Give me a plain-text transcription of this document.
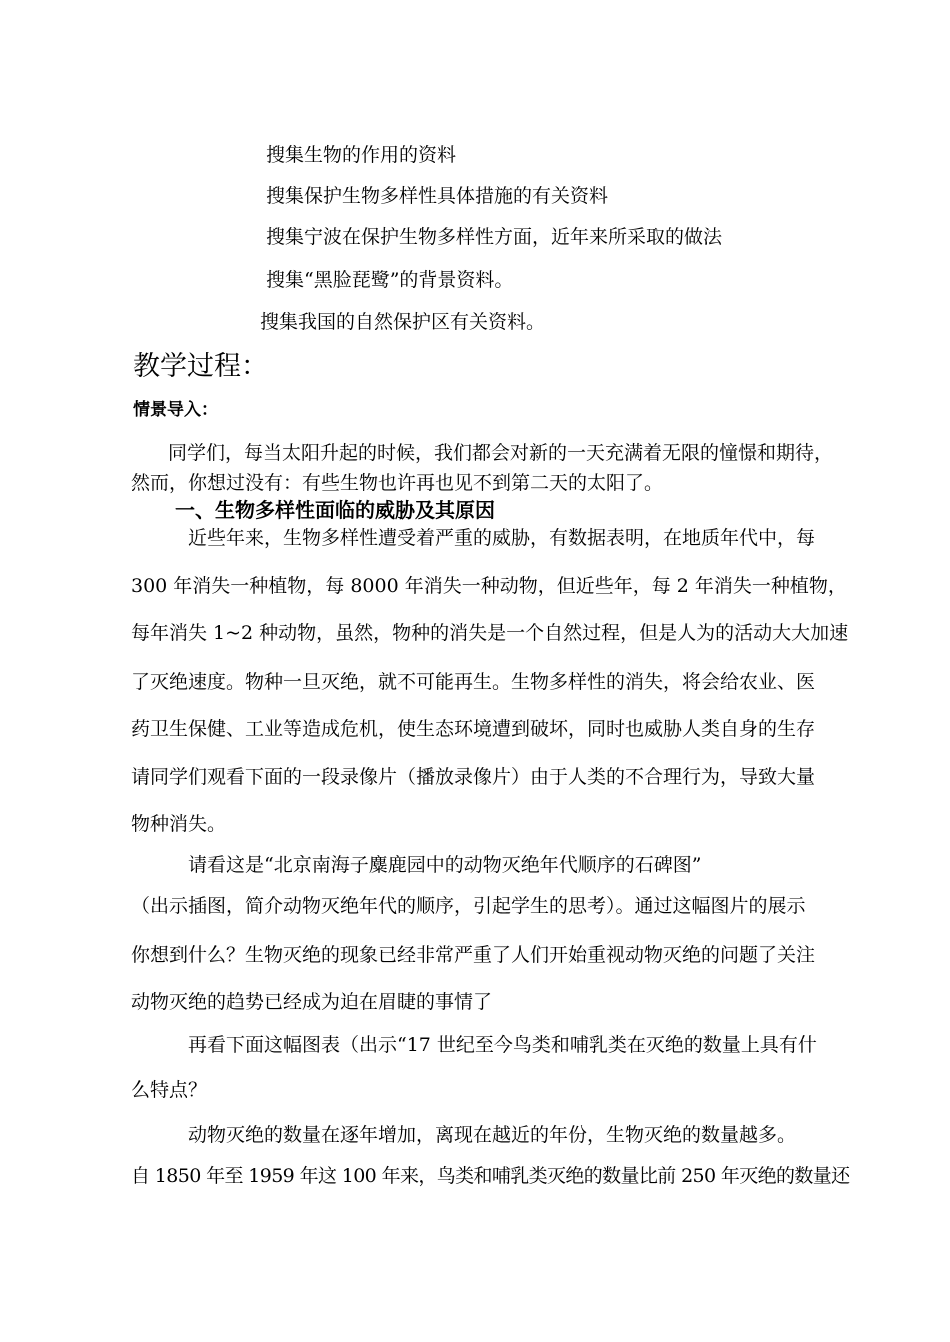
搜集生物的作用的资料
搜集保护生物多样性具体措施的有关资料
搜集宁波在保护生物多样性方面，近年来所采取的做法
搜集“黑脸琵鹭”的背景资料。
搜集我国的自然保护区有关资料。
教学过程：
情景导入：
同学们，每当太阳升起的时候，我们都会对新的一天充满着无限的憧憬和期待，
然而，你想过没有：有些生物也许再也见不到第二天的太阳了。
一、生物多样性面临的威胁及其原因
近些年来，生物多样性遭受着严重的威胁，有数据表明，在地质年代中，每
300 年消失一种植物，每 8000 年消失一种动物，但近些年，每 2 年消失一种植物，
每年消失 1~2 种动物，虽然，物种的消失是一个自然过程，但是人为的活动大大加速
了灭绝速度。物种一旦灭绝，就不可能再生。生物多样性的消失，将会给农业、医
药卫生保健、工业等造成危机，使生态环境遭到破坏，同时也威胁人类自身的生存
请同学们观看下面的一段录像片（播放录像片）由于人类的不合理行为，导致大量
物种消失。
请看这是“北京南海子麋鹿园中的动物灭绝年代顺序的石碑图”
（出示插图，简介动物灭绝年代的顺序，引起学生的思考）。通过这幅图片的展示
你想到什么？生物灭绝的现象已经非常严重了人们开始重视动物灭绝的问题了关注
动物灭绝的趋势已经成为迫在眉睫的事情了
再看下面这幅图表（出示“17 世纪至今鸟类和哺乳类在灭绝的数量上具有什
么特点？
动物灭绝的数量在逐年增加，离现在越近的年份，生物灭绝的数量越多。
自 1850 年至 1959 年这 100 年来，鸟类和哺乳类灭绝的数量比前 250 年灭绝的数量还
